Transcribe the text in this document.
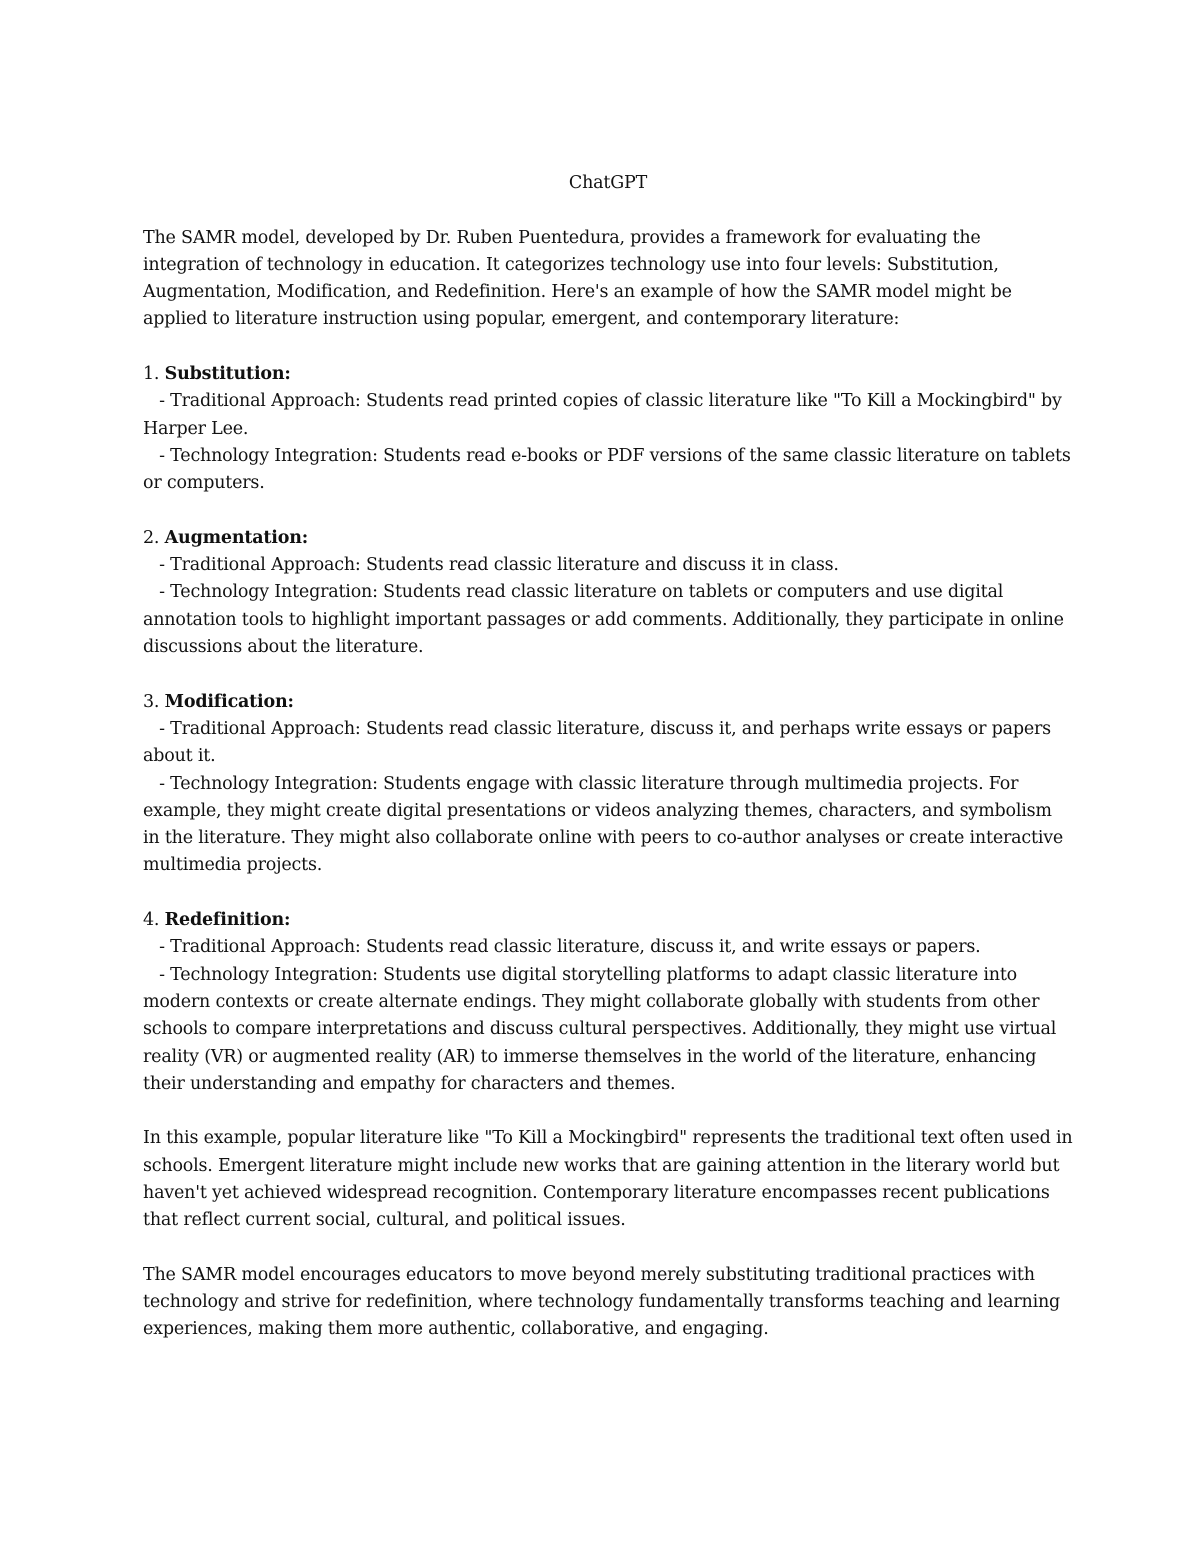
ChatGPT

The SAMR model, developed by Dr. Ruben Puentedura, provides a framework for evaluating the integration of technology in education. It categorizes technology use into four levels: Substitution, Augmentation, Modification, and Redefinition. Here's an example of how the SAMR model might be applied to literature instruction using popular, emergent, and contemporary literature:

1. Substitution:
- Traditional Approach: Students read printed copies of classic literature like "To Kill a Mockingbird" by Harper Lee.
- Technology Integration: Students read e-books or PDF versions of the same classic literature on tablets or computers.
2. Augmentation:
- Traditional Approach: Students read classic literature and discuss it in class.
- Technology Integration: Students read classic literature on tablets or computers and use digital annotation tools to highlight important passages or add comments. Additionally, they participate in online discussions about the literature.
3. Modification:
- Traditional Approach: Students read classic literature, discuss it, and perhaps write essays or papers about it.
- Technology Integration: Students engage with classic literature through multimedia projects. For example, they might create digital presentations or videos analyzing themes, characters, and symbolism in the literature. They might also collaborate online with peers to co-author analyses or create interactive multimedia projects.
4. Redefinition:
- Traditional Approach: Students read classic literature, discuss it, and write essays or papers.
- Technology Integration: Students use digital storytelling platforms to adapt classic literature into modern contexts or create alternate endings. They might collaborate globally with students from other schools to compare interpretations and discuss cultural perspectives. Additionally, they might use virtual reality (VR) or augmented reality (AR) to immerse themselves in the world of the literature, enhancing their understanding and empathy for characters and themes.

In this example, popular literature like "To Kill a Mockingbird" represents the traditional text often used in schools. Emergent literature might include new works that are gaining attention in the literary world but haven't yet achieved widespread recognition. Contemporary literature encompasses recent publications that reflect current social, cultural, and political issues.

The SAMR model encourages educators to move beyond merely substituting traditional practices with technology and strive for redefinition, where technology fundamentally transforms teaching and learning experiences, making them more authentic, collaborative, and engaging.
